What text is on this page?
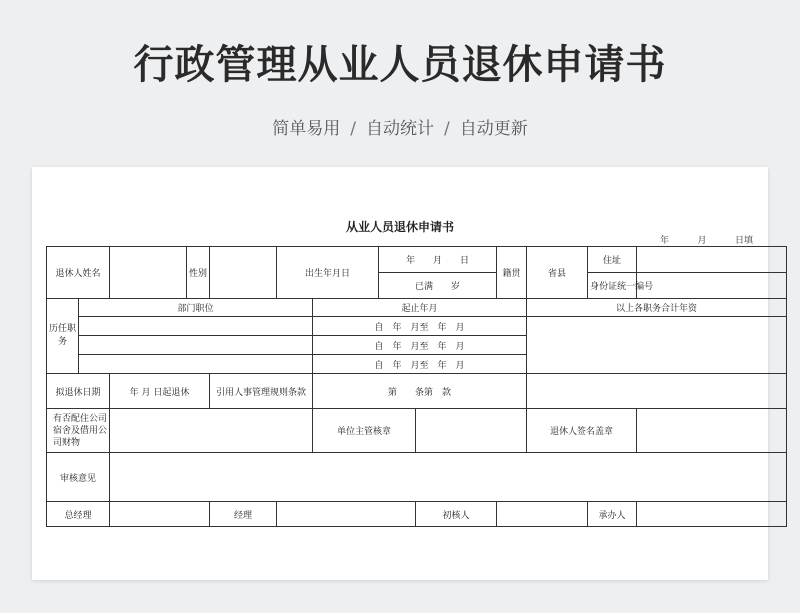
行政管理从业人员退休申请书
简单易用 / 自动统计 / 自动更新
从业人员退休申请书
年	月	日填
退休人姓名			性别		出生年月日		年　　月　　日		籍贯	省县	住址	
							已满　　岁				身份证统一编号	
历任职务	部门职位					起止年月				以上各职务合计年资		
						自　年　月至　年　月						
						自　年　月至　年　月						
						自　年　月至　年　月						
拟退休日期		年 月 日起退休		引用人事管理规则条款		第　　条第　款						
有否配住公司宿舍及借用公司财物						单位主管核章				退休人签名盖章		
审核意见												
总经理				经理				初核人			承办人	
